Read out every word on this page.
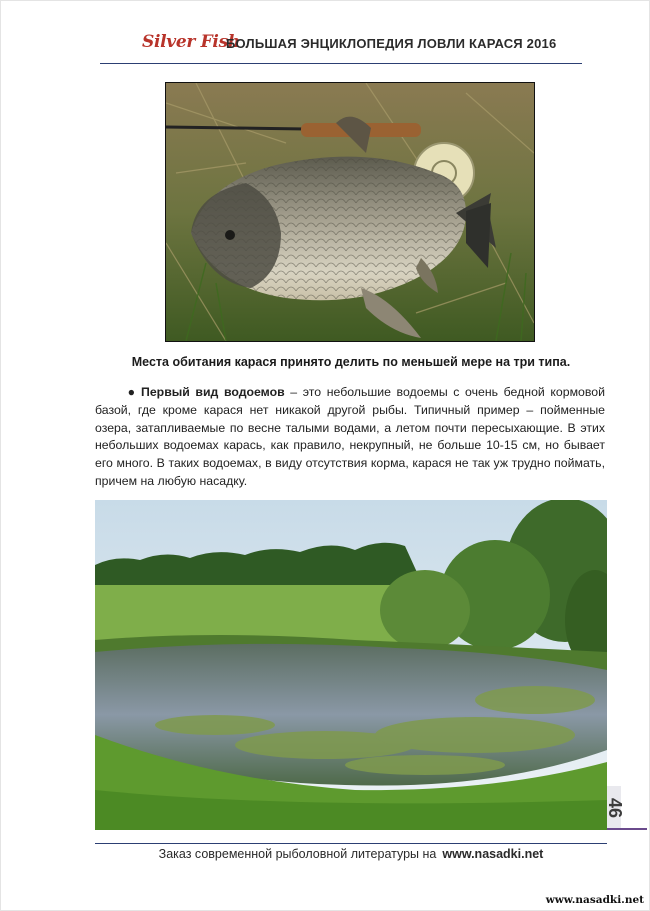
Silver Fish
БОЛЬШАЯ ЭНЦИКЛОПЕДИЯ ЛОВЛИ КАРАСЯ 2016
Места обитания карася принято делить по меньшей мере на три типа.
● Первый вид водоемов – это небольшие водоемы с очень бедной кормовой базой, где кроме карася нет никакой другой рыбы. Типичный пример – пойменные озера, затапливаемые по весне талыми водами, а летом почти пересыхающие. В этих небольших водоемах карась, как правило, некрупный, не больше 10-15 см, но бывает его много. В таких водоемах, в виду отсутствия корма, карася не так уж трудно поймать, причем на любую насадку.
46
Заказ современной рыболовной литературы на www.nasadki.net
www.nasadki.net
